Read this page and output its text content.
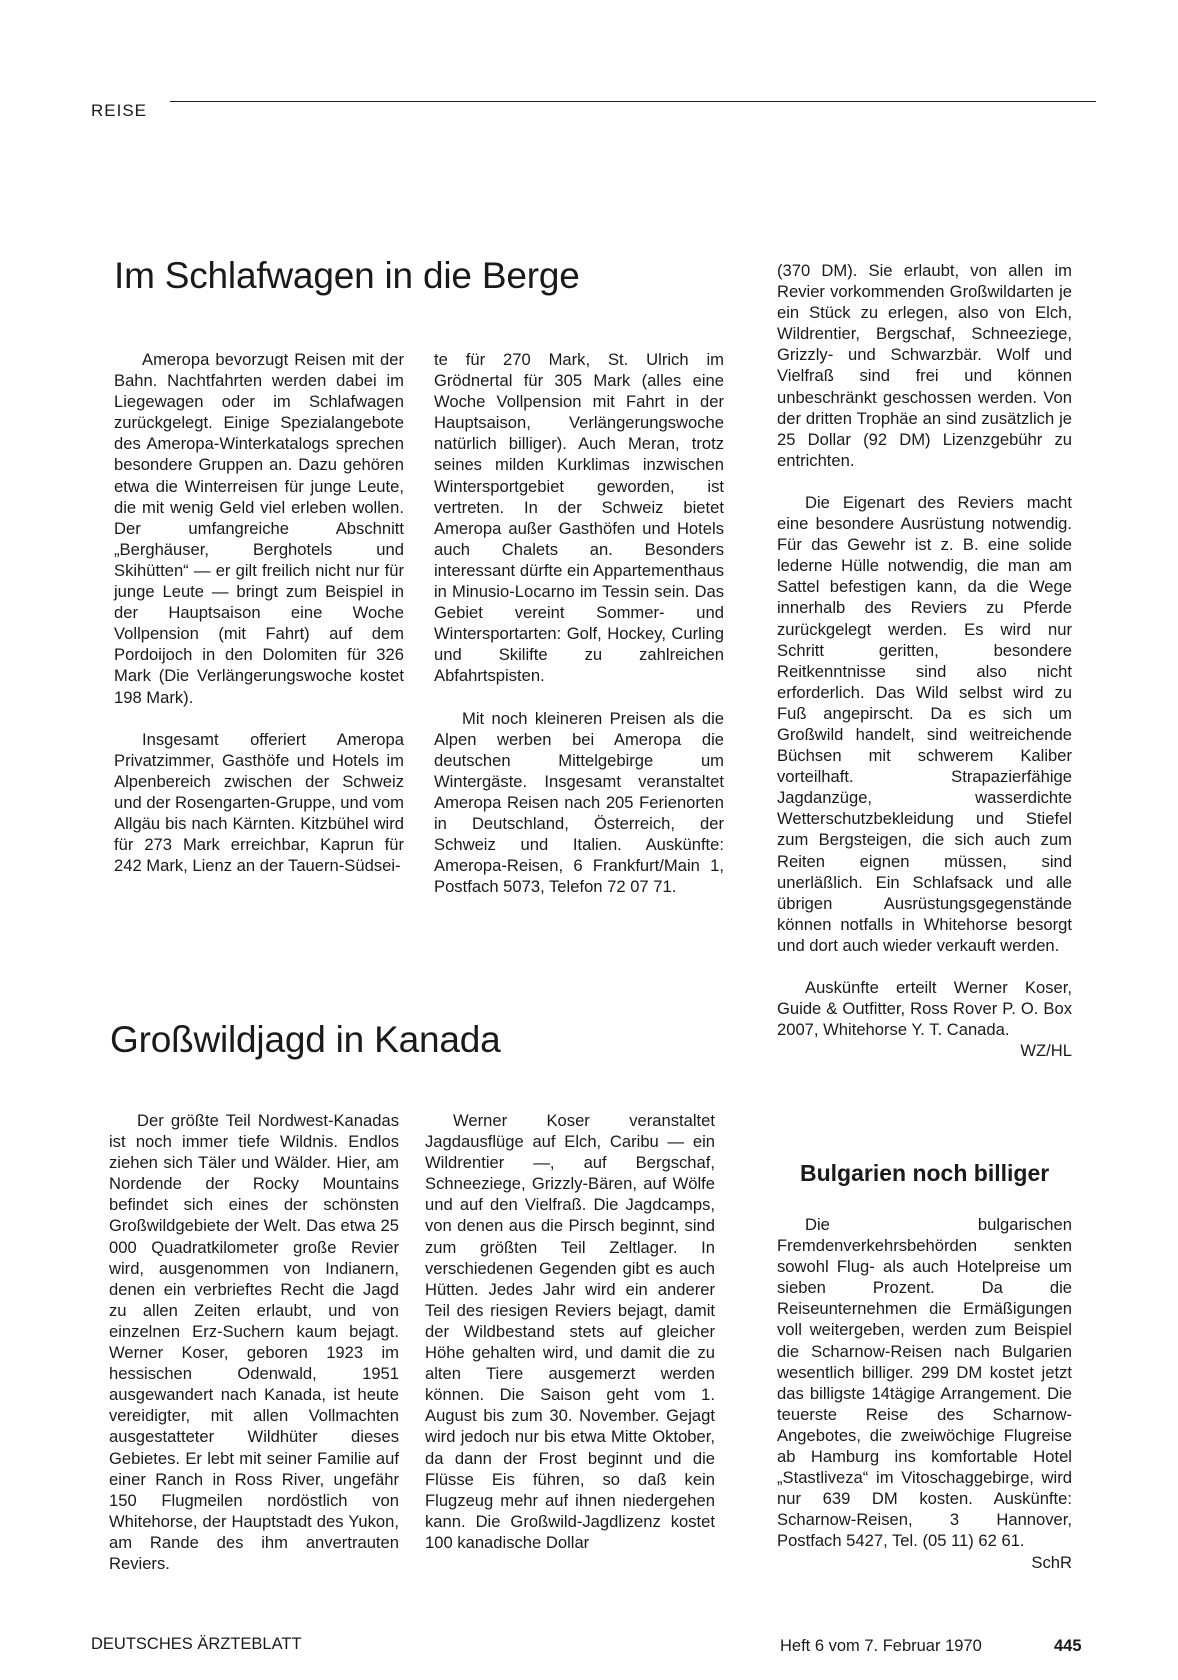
REISE
Im Schlafwagen in die Berge

Ameropa bevorzugt Reisen mit der Bahn. Nachtfahrten werden dabei im Liegewagen oder im Schlafwagen zurückgelegt. Einige Spezialangebote des Ameropa-Winterkatalogs sprechen besondere Gruppen an. Dazu gehören etwa die Winterreisen für junge Leute, die mit wenig Geld viel erleben wollen. Der umfangreiche Abschnitt „Berghäuser, Berghotels und Skihütten“ — er gilt freilich nicht nur für junge Leute — bringt zum Beispiel in der Hauptsaison eine Woche Vollpension (mit Fahrt) auf dem Pordoijoch in den Dolomiten für 326 Mark (Die Verlängerungswoche kostet 198 Mark).

Insgesamt offeriert Ameropa Privatzimmer, Gasthöfe und Hotels im Alpenbereich zwischen der Schweiz und der Rosengarten-Gruppe, und vom Allgäu bis nach Kärnten. Kitzbühel wird für 273 Mark erreichbar, Kaprun für 242 Mark, Lienz an der Tauern-Südsei-

te für 270 Mark, St. Ulrich im Grödnertal für 305 Mark (alles eine Woche Vollpension mit Fahrt in der Hauptsaison, Verlängerungswoche natürlich billiger). Auch Meran, trotz seines milden Kurklimas inzwischen Wintersportgebiet geworden, ist vertreten. In der Schweiz bietet Ameropa außer Gasthöfen und Hotels auch Chalets an. Besonders interessant dürfte ein Appartementhaus in Minusio-Locarno im Tessin sein. Das Gebiet vereint Sommer- und Wintersportarten: Golf, Hockey, Curling und Skilifte zu zahlreichen Abfahrtspisten.

Mit noch kleineren Preisen als die Alpen werben bei Ameropa die deutschen Mittelgebirge um Wintergäste. Insgesamt veranstaltet Ameropa Reisen nach 205 Ferienorten in Deutschland, Österreich, der Schweiz und Italien. Auskünfte: Ameropa-Reisen, 6 Frankfurt/Main 1, Postfach 5073, Telefon 72 07 71.

Großwildjagd in Kanada

Der größte Teil Nordwest-Kanadas ist noch immer tiefe Wildnis. Endlos ziehen sich Täler und Wälder. Hier, am Nordende der Rocky Mountains befindet sich eines der schönsten Großwildgebiete der Welt. Das etwa 25 000 Quadratkilometer große Revier wird, ausgenommen von Indianern, denen ein verbrieftes Recht die Jagd zu allen Zeiten erlaubt, und von einzelnen Erz-Suchern kaum bejagt. Werner Koser, geboren 1923 im hessischen Odenwald, 1951 ausgewandert nach Kanada, ist heute vereidigter, mit allen Vollmachten ausgestatteter Wildhüter dieses Gebietes. Er lebt mit seiner Familie auf einer Ranch in Ross River, ungefähr 150 Flugmeilen nordöstlich von Whitehorse, der Hauptstadt des Yukon, am Rande des ihm anvertrauten Reviers.

Werner Koser veranstaltet Jagdausflüge auf Elch, Caribu — ein Wildrentier —, auf Bergschaf, Schneeziege, Grizzly-Bären, auf Wölfe und auf den Vielfraß. Die Jagdcamps, von denen aus die Pirsch beginnt, sind zum größten Teil Zeltlager. In verschiedenen Gegenden gibt es auch Hütten. Jedes Jahr wird ein anderer Teil des riesigen Reviers bejagt, damit der Wildbestand stets auf gleicher Höhe gehalten wird, und damit die zu alten Tiere ausgemerzt werden können. Die Saison geht vom 1. August bis zum 30. November. Gejagt wird jedoch nur bis etwa Mitte Oktober, da dann der Frost beginnt und die Flüsse Eis führen, so daß kein Flugzeug mehr auf ihnen niedergehen kann. Die Großwild-Jagdlizenz kostet 100 kanadische Dollar

(370 DM). Sie erlaubt, von allen im Revier vorkommenden Großwildarten je ein Stück zu erlegen, also von Elch, Wildrentier, Bergschaf, Schneeziege, Grizzly- und Schwarzbär. Wolf und Vielfraß sind frei und können unbeschränkt geschossen werden. Von der dritten Trophäe an sind zusätzlich je 25 Dollar (92 DM) Lizenzgebühr zu entrichten.

Die Eigenart des Reviers macht eine besondere Ausrüstung notwendig. Für das Gewehr ist z. B. eine solide lederne Hülle notwendig, die man am Sattel befestigen kann, da die Wege innerhalb des Reviers zu Pferde zurückgelegt werden. Es wird nur Schritt geritten, besondere Reitkenntnisse sind also nicht erforderlich. Das Wild selbst wird zu Fuß angepirscht. Da es sich um Großwild handelt, sind weitreichende Büchsen mit schwerem Kaliber vorteilhaft. Strapazierfähige Jagdanzüge, wasserdichte Wetterschutzbekleidung und Stiefel zum Bergsteigen, die sich auch zum Reiten eignen müssen, sind unerläßlich. Ein Schlafsack und alle übrigen Ausrüstungsgegenstände können notfalls in Whitehorse besorgt und dort auch wieder verkauft werden.

Auskünfte erteilt Werner Koser, Guide & Outfitter, Ross Rover P. O. Box 2007, Whitehorse Y. T. Canada.
WZ/HL

Bulgarien noch billiger

Die bulgarischen Fremdenverkehrsbehörden senkten sowohl Flug- als auch Hotelpreise um sieben Prozent. Da die Reiseunternehmen die Ermäßigungen voll weitergeben, werden zum Beispiel die Scharnow-Reisen nach Bulgarien wesentlich billiger. 299 DM kostet jetzt das billigste 14tägige Arrangement. Die teuerste Reise des Scharnow-Angebotes, die zweiwöchige Flugreise ab Hamburg ins komfortable Hotel „Stastliveza“ im Vitoschaggebirge, wird nur 639 DM kosten. Auskünfte: Scharnow-Reisen, 3 Hannover, Postfach 5427, Tel. (05 11) 62 61.
SchR

DEUTSCHES ÄRZTEBLATT	Heft 6 vom 7. Februar 1970	445
